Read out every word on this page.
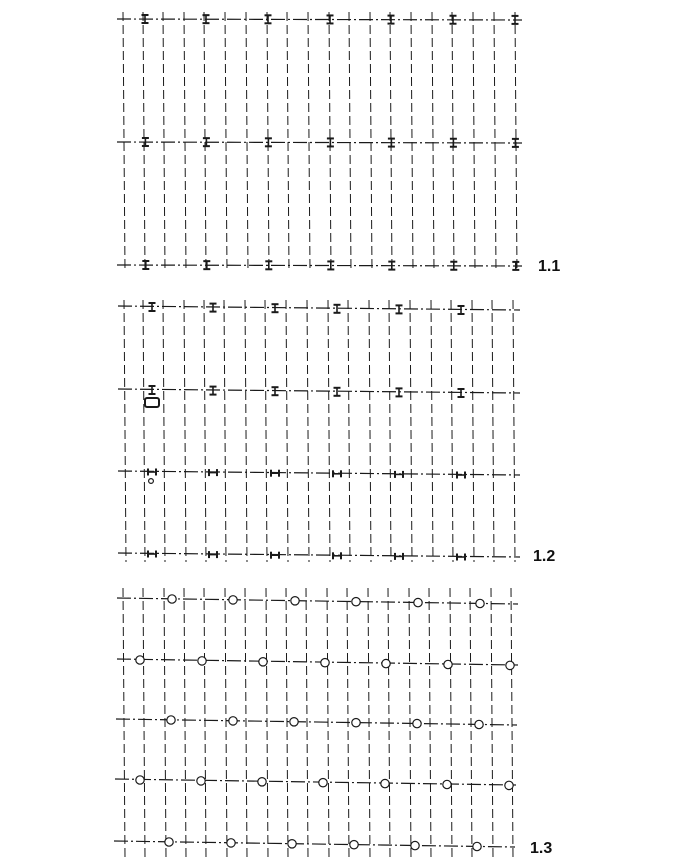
1.1
1.2
1.3
